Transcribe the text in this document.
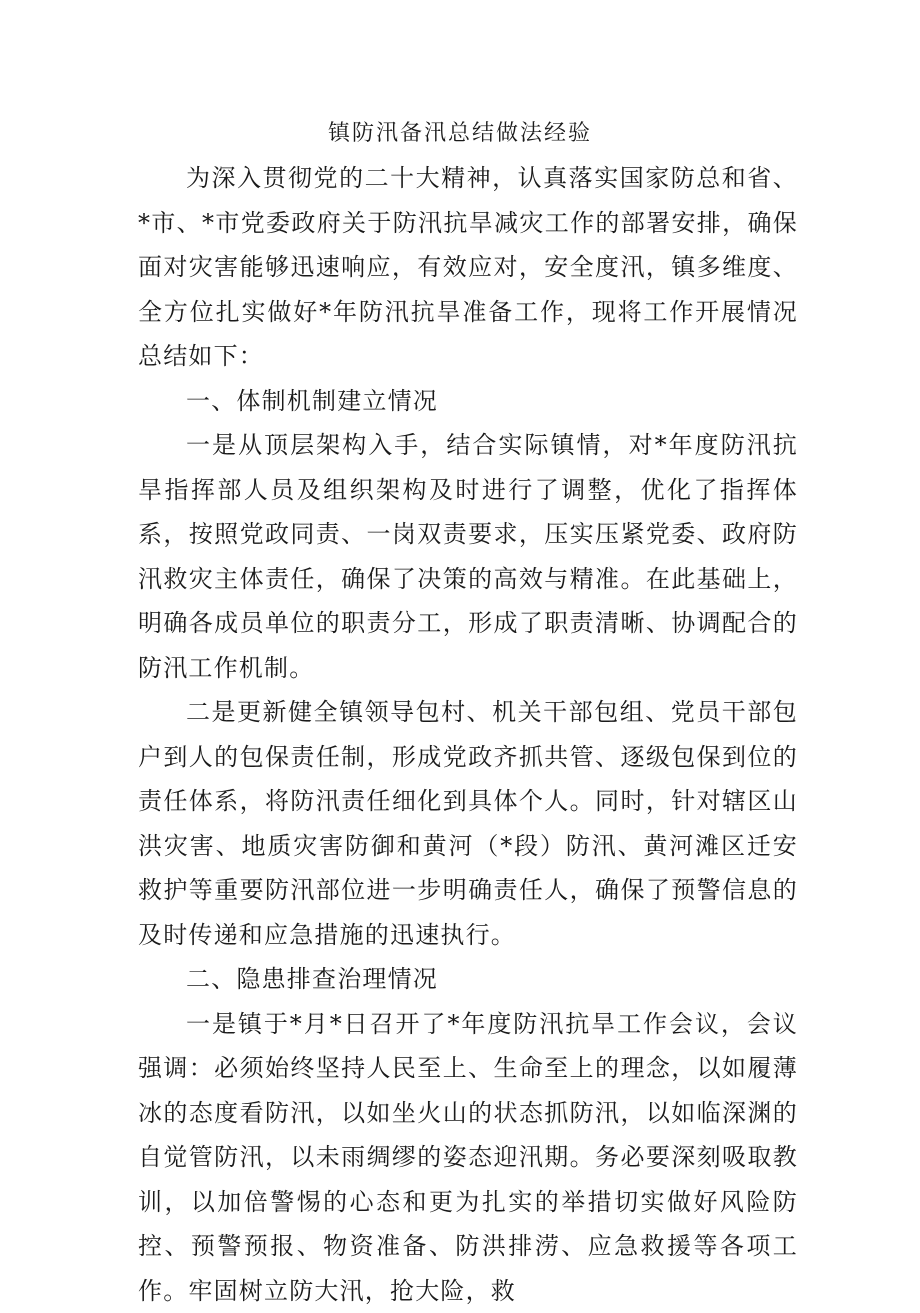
镇防汛备汛总结做法经验

为深入贯彻党的二十大精神，认真落实国家防总和省、*市、*市党委政府关于防汛抗旱减灾工作的部署安排，确保面对灾害能够迅速响应，有效应对，安全度汛，镇多维度、全方位扎实做好*年防汛抗旱准备工作，现将工作开展情况总结如下：

一、体制机制建立情况

一是从顶层架构入手，结合实际镇情，对*年度防汛抗旱指挥部人员及组织架构及时进行了调整，优化了指挥体系，按照党政同责、一岗双责要求，压实压紧党委、政府防汛救灾主体责任，确保了决策的高效与精准。在此基础上，明确各成员单位的职责分工，形成了职责清晰、协调配合的防汛工作机制。

二是更新健全镇领导包村、机关干部包组、党员干部包户到人的包保责任制，形成党政齐抓共管、逐级包保到位的责任体系，将防汛责任细化到具体个人。同时，针对辖区山洪灾害、地质灾害防御和黄河（*段）防汛、黄河滩区迁安救护等重要防汛部位进一步明确责任人，确保了预警信息的及时传递和应急措施的迅速执行。

二、隐患排查治理情况

一是镇于*月*日召开了*年度防汛抗旱工作会议，会议强调：必须始终坚持人民至上、生命至上的理念，以如履薄冰的态度看防汛，以如坐火山的状态抓防汛，以如临深渊的自觉管防汛，以未雨绸缪的姿态迎汛期。务必要深刻吸取教训，以加倍警惕的心态和更为扎实的举措切实做好风险防控、预警预报、物资准备、防洪排涝、应急救援等各项工作。牢固树立防大汛，抢大险，救
